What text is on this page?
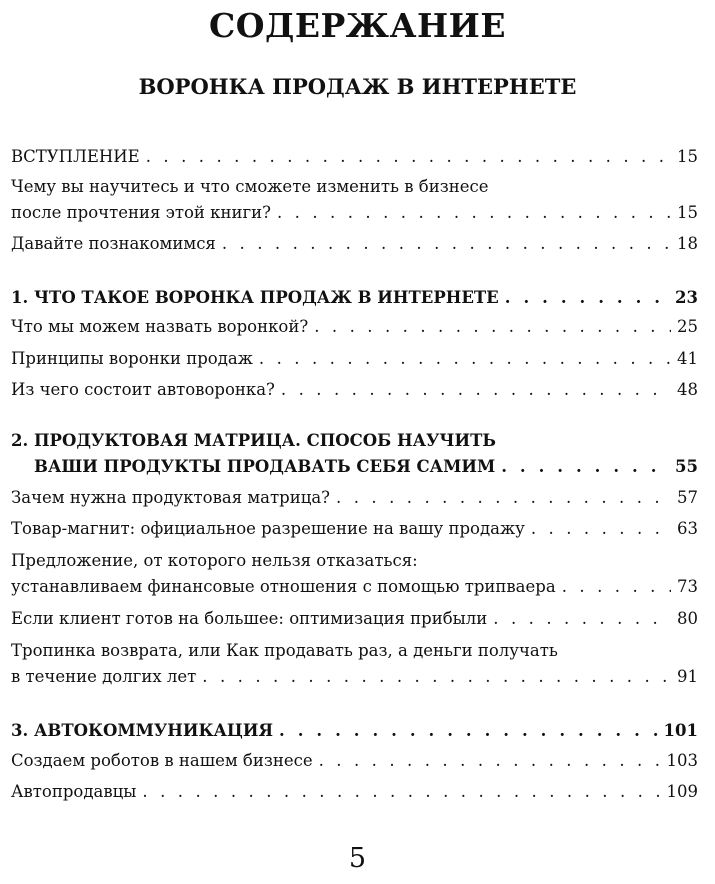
СОДЕРЖАНИЕ
ВОРОНКА ПРОДАЖ В ИНТЕРНЕТЕ
ВСТУПЛЕНИЕ . . .	15
Чему вы научитесь и что сможете изменить в бизнесе
после прочтения этой книги? . . .	15
Давайте познакомимся . . .	18
1. ЧТО ТАКОЕ ВОРОНКА ПРОДАЖ В ИНТЕРНЕТЕ . . .	23
Что мы можем назвать воронкой? . . .	25
Принципы воронки продаж . . .	41
Из чего состоит автоворонка? . . .	48
2. ПРОДУКТОВАЯ МАТРИЦА. СПОСОБ НАУЧИТЬ
ВАШИ ПРОДУКТЫ ПРОДАВАТЬ СЕБЯ САМИМ . . .	55
Зачем нужна продуктовая матрица? . . .	57
Товар-магнит: официальное разрешение на вашу продажу . . .	63
Предложение, от которого нельзя отказаться:
устанавливаем финансовые отношения с помощью трипваера . . .	73
Если клиент готов на большее: оптимизация прибыли . . .	80
Тропинка возврата, или Как продавать раз, а деньги получать
в течение долгих лет . . .	91
3. АВТОКОММУНИКАЦИЯ . . .	101
Создаем роботов в нашем бизнесе . . .	103
Автопродавцы . . .	109
5
